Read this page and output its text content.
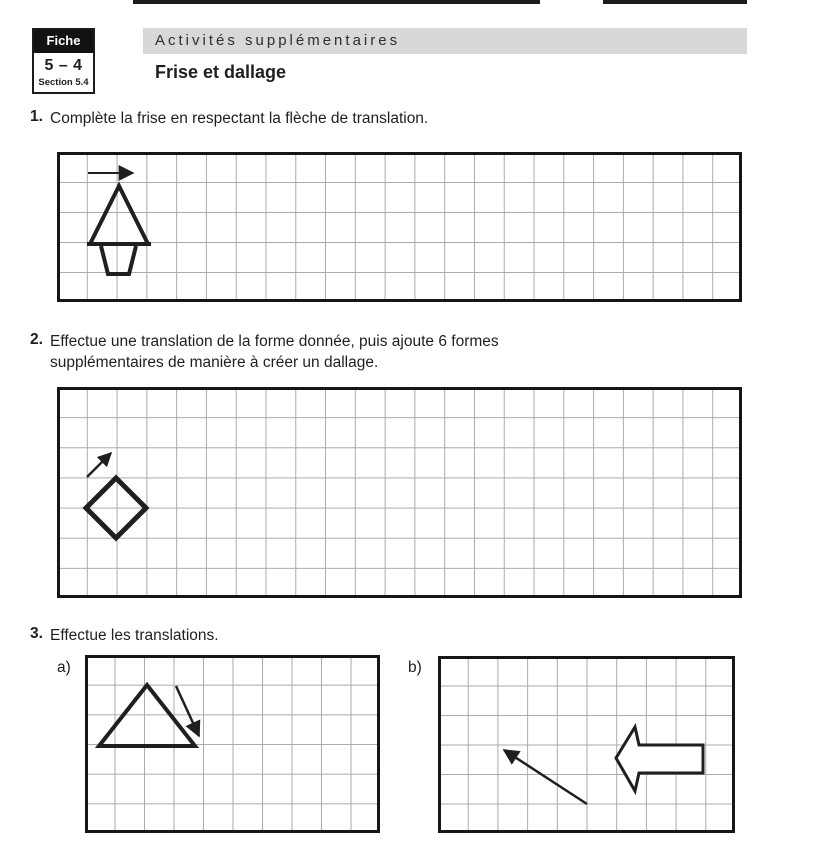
Fiche
5 – 4
Section 5.4
Activités supplémentaires
Frise et dallage
1. Complète la frise en respectant la flèche de translation.
2. Effectue une translation de la forme donnée, puis ajoute 6 formes
supplémentaires de manière à créer un dallage.
3. Effectue les translations.
a)	b)
